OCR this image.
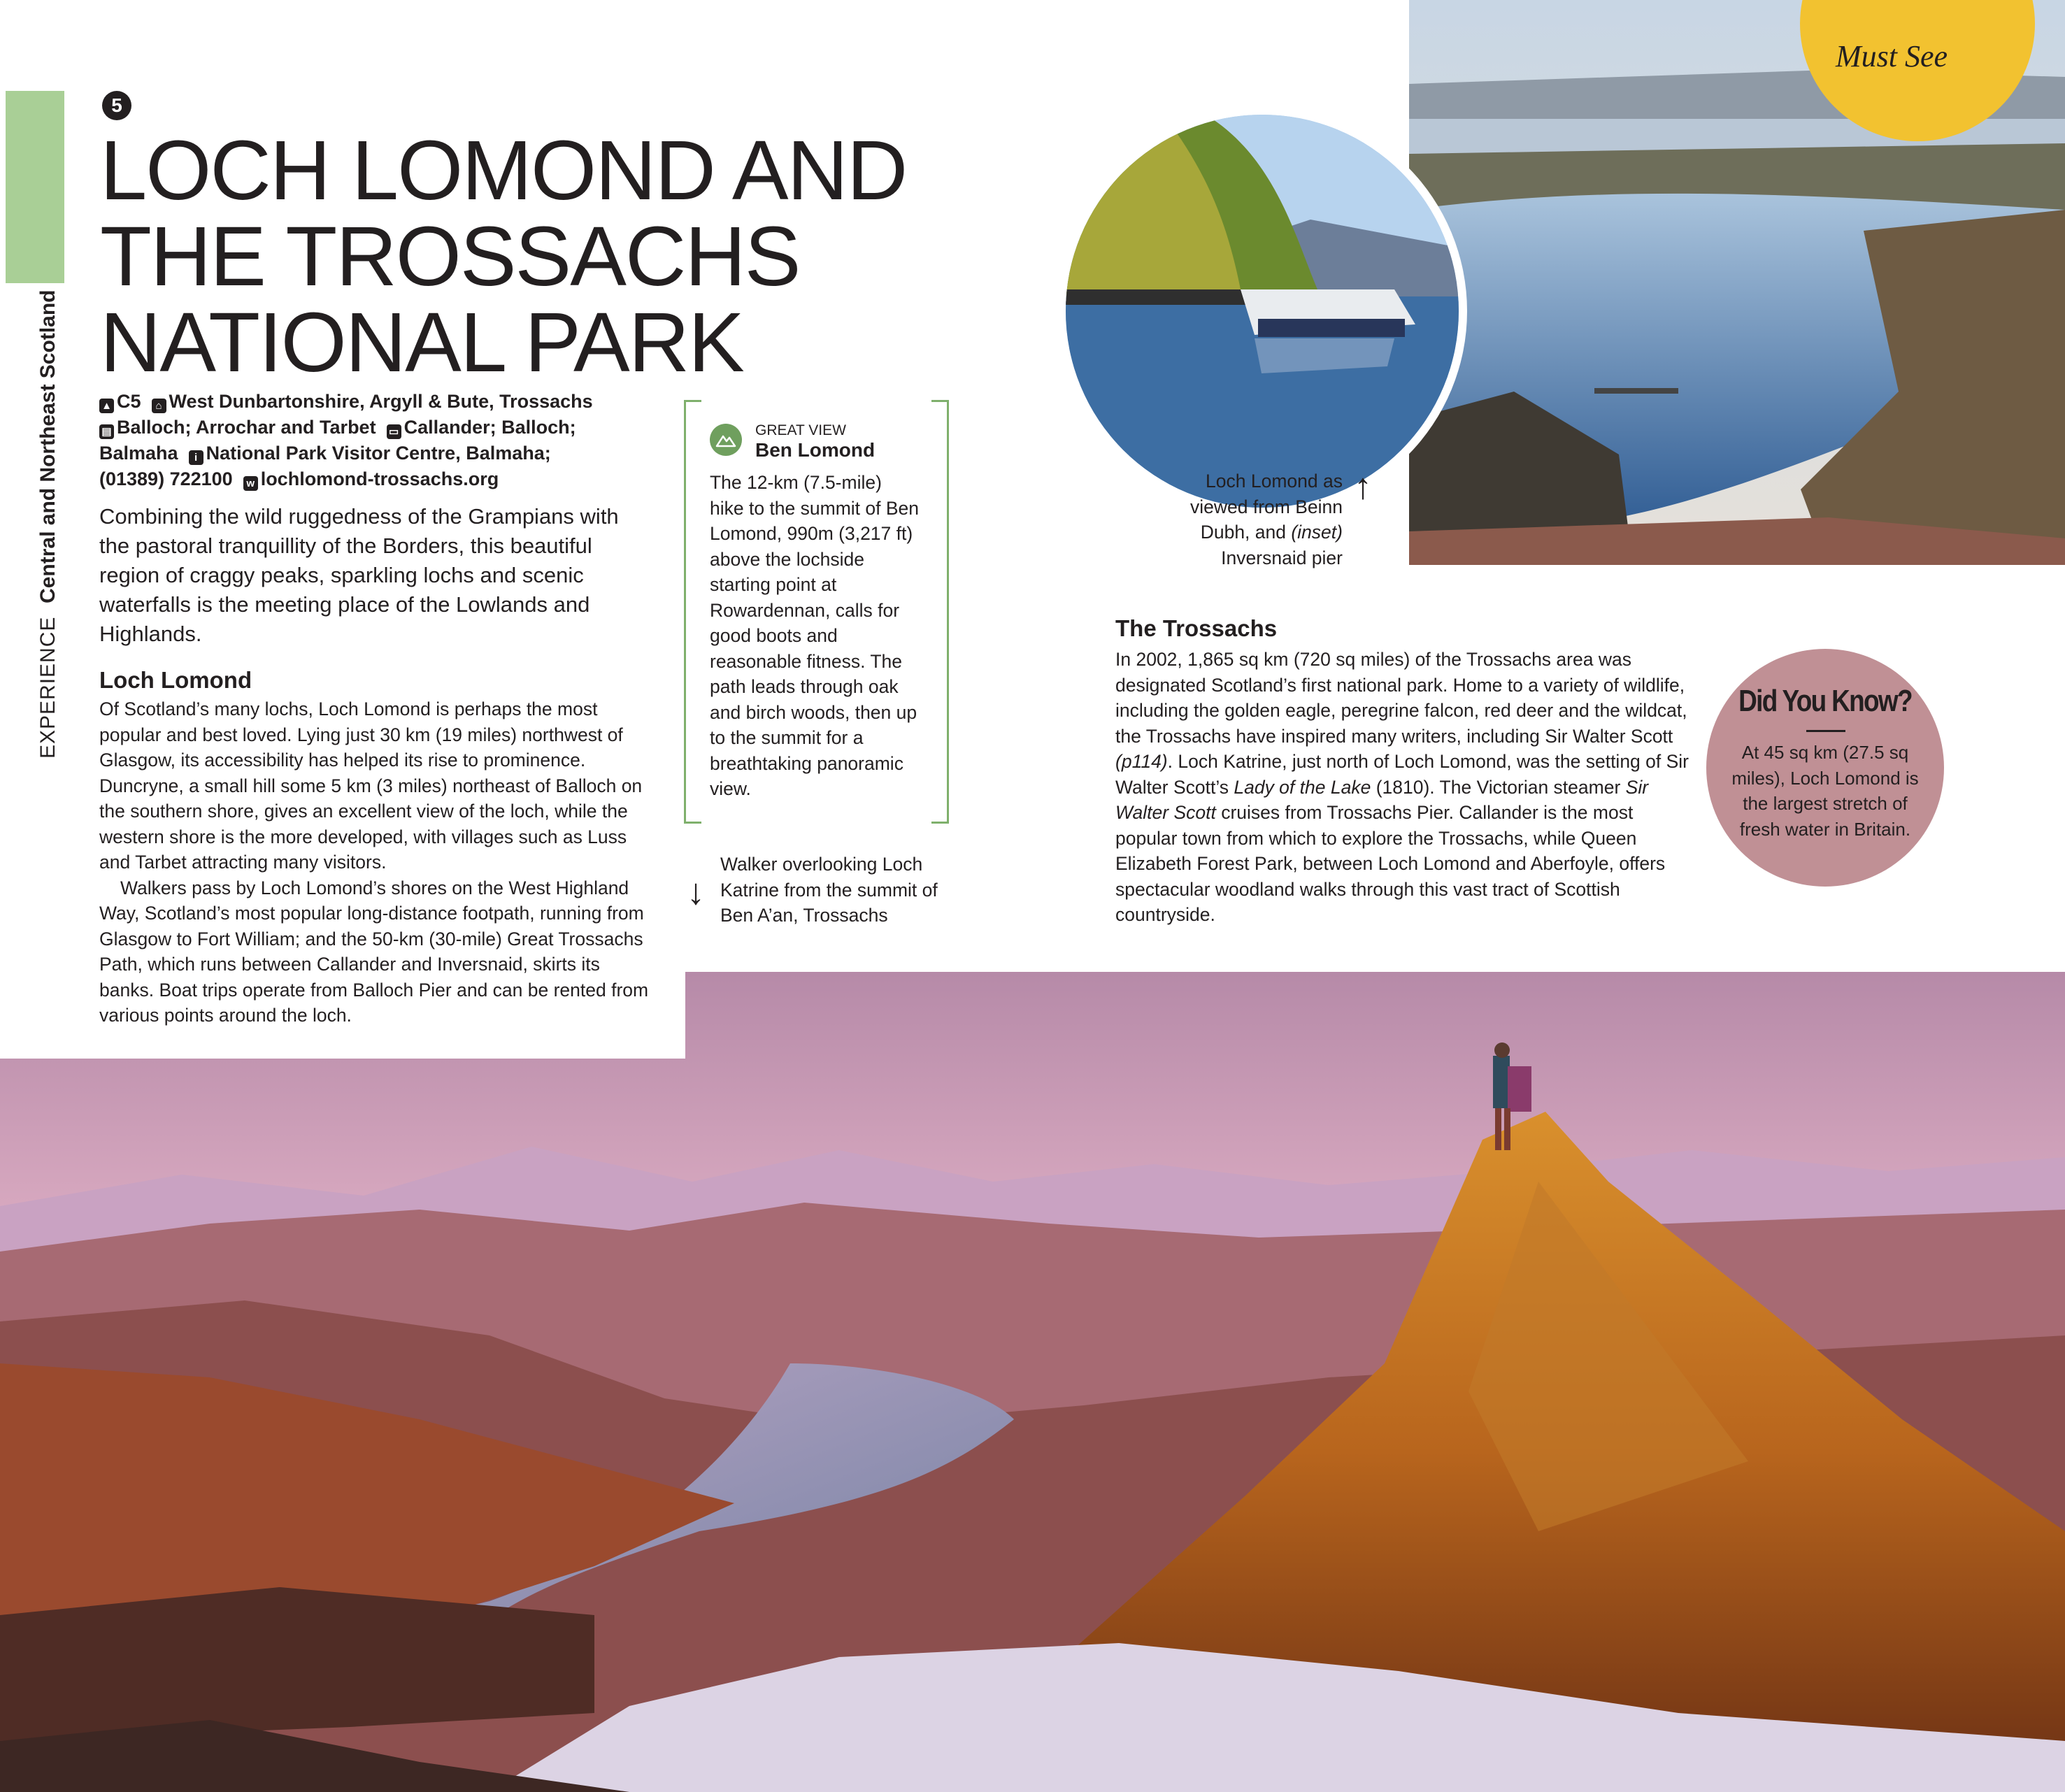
Must See
EXPERIENCE  Central and Northeast Scotland
5
LOCH LOMOND AND
THE TROSSACHS
NATIONAL PARK
▲ C5 ⌂ West Dunbartonshire, Argyll & Bute, Trossachs
▤ Balloch; Arrochar and Tarbet ▭ Callander; Balloch;
Balmaha i National Park Visitor Centre, Balmaha;
(01389) 722100 w lochlomond-trossachs.org
Combining the wild ruggedness of the Grampians with the pastoral tranquillity of the Borders, this beautiful region of craggy peaks, sparkling lochs and scenic waterfalls is the meeting place of the Lowlands and Highlands.
Loch Lomond

Of Scotland’s many lochs, Loch Lomond is perhaps the most popular and best loved. Lying just 30 km (19 miles) northwest of Glasgow, its accessibility has helped its rise to prominence. Duncryne, a small hill some 5 km (3 miles) northeast of Balloch on the southern shore, gives an excellent view of the loch, while the western shore is the more developed, with villages such as Luss and Tarbet attracting many visitors.

Walkers pass by Loch Lomond’s shores on the West Highland Way, Scotland’s most popular long-distance footpath, running from Glasgow to Fort William; and the 50-km (30-mile) Great Trossachs Path, which runs between Callander and Inversnaid, skirts its banks. Boat trips operate from Balloch Pier and can be rented from various points around the loch.

GREAT VIEW
Ben Lomond
The 12-km (7.5-mile) hike to the summit of Ben Lomond, 990m (3,217 ft) above the lochside starting point at Rowardennan, calls for good boots and reasonable fitness. The path leads through oak and birch woods, then up to the summit for a breathtaking panoramic view.
↓
Walker overlooking Loch Katrine from the summit of Ben A’an, Trossachs
Loch Lomond as viewed from Beinn Dubh, and (inset) Inversnaid pier
↑
The Trossachs
In 2002, 1,865 sq km (720 sq miles) of the Trossachs area was designated Scotland’s first national park. Home to a variety of wildlife, including the golden eagle, peregrine falcon, red deer and the wildcat, the Trossachs have inspired many writers, including Sir Walter Scott (p114). Loch Katrine, just north of Loch Lomond, was the setting of Sir Walter Scott’s Lady of the Lake (1810). The Victorian steamer Sir Walter Scott cruises from Trossachs Pier. Callander is the most popular town from which to explore the Trossachs, while Queen Elizabeth Forest Park, between Loch Lomond and Aberfoyle, offers spectacular woodland walks through this vast tract of Scottish countryside.
Did You Know?
At 45 sq km (27.5 sq miles), Loch Lomond is the largest stretch of fresh water in Britain.
